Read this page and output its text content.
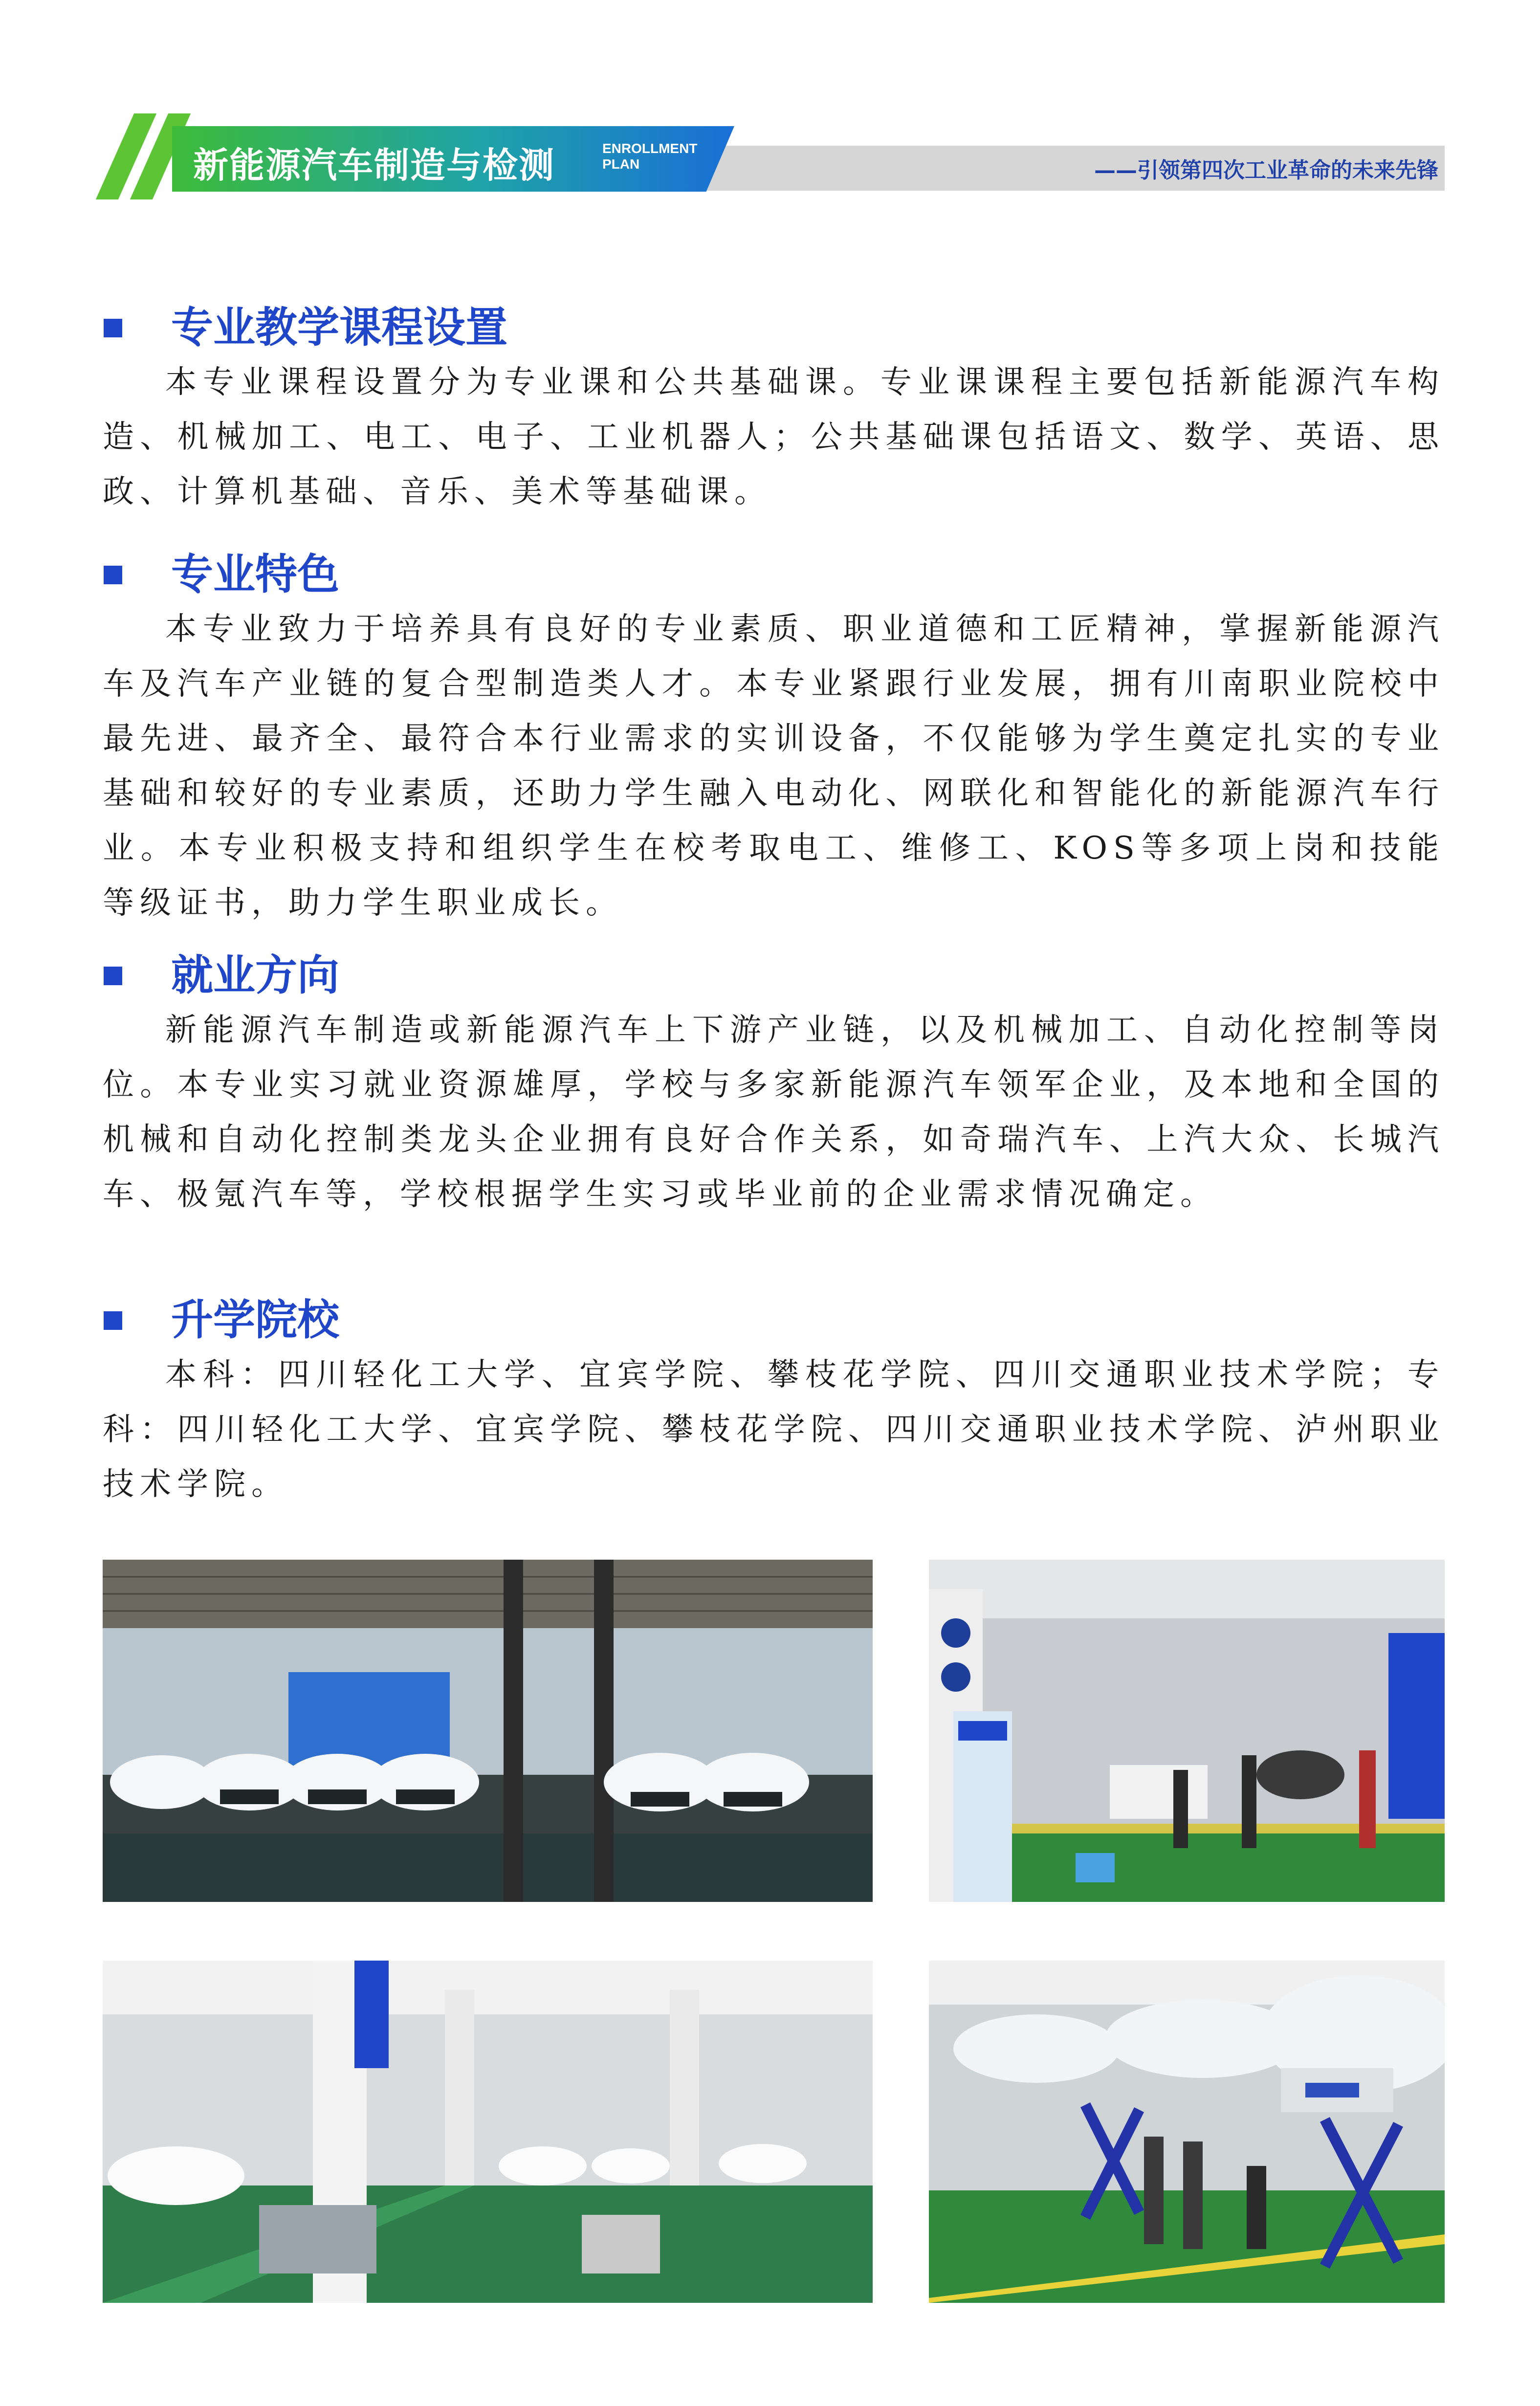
新能源汽车制造与检测	ENROLLMENT
PLAN	——引领第四次工业革命的未来先锋
专业教学课程设置
本专业课程设置分为专业课和公共基础课。专业课课程主要包括新能源汽车构造、机械加工、电工、电子、工业机器人；公共基础课包括语文、数学、英语、思政、计算机基础、音乐、美术等基础课。
专业特色
本专业致力于培养具有良好的专业素质、职业道德和工匠精神，掌握新能源汽车及汽车产业链的复合型制造类人才。本专业紧跟行业发展，拥有川南职业院校中最先进、最齐全、最符合本行业需求的实训设备，不仅能够为学生奠定扎实的专业基础和较好的专业素质，还助力学生融入电动化、网联化和智能化的新能源汽车行业。本专业积极支持和组织学生在校考取电工、维修工、KOS等多项上岗和技能等级证书，助力学生职业成长。
就业方向
新能源汽车制造或新能源汽车上下游产业链，以及机械加工、自动化控制等岗位。本专业实习就业资源雄厚，学校与多家新能源汽车领军企业，及本地和全国的机械和自动化控制类龙头企业拥有良好合作关系，如奇瑞汽车、上汽大众、长城汽车、极氪汽车等，学校根据学生实习或毕业前的企业需求情况确定。
升学院校
本科：四川轻化工大学、宜宾学院、攀枝花学院、四川交通职业技术学院；专科：四川轻化工大学、宜宾学院、攀枝花学院、四川交通职业技术学院、泸州职业技术学院。
